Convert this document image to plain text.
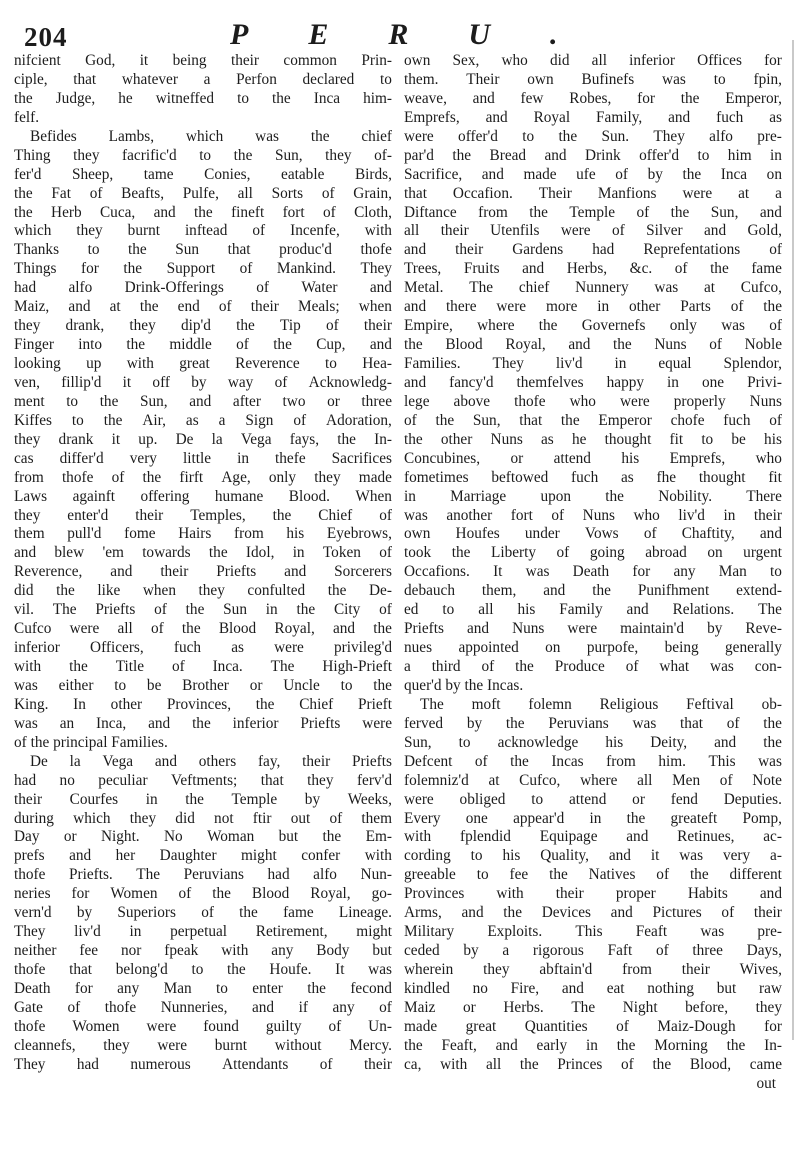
204	PERU.
nifcient God, it being their common Prin-
ciple, that whatever a Perfon declared to
the Judge, he witneffed to the Inca him-
felf.
Befides Lambs, which was the chief
Thing they facrific'd to the Sun, they of-
fer'd Sheep, tame Conies, eatable Birds,
the Fat of Beafts, Pulfe, all Sorts of Grain,
the Herb Cuca, and the fineft fort of Cloth,
which they burnt inftead of Incenfe, with
Thanks to the Sun that produc'd thofe
Things for the Support of Mankind. They
had alfo Drink-Offerings of Water and
Maiz, and at the end of their Meals; when
they drank, they dip'd the Tip of their
Finger into the middle of the Cup, and
looking up with great Reverence to Hea-
ven, fillip'd it off by way of Acknowledg-
ment to the Sun, and after two or three
Kiffes to the Air, as a Sign of Adoration,
they drank it up. De la Vega fays, the In-
cas differ'd very little in thefe Sacrifices
from thofe of the firft Age, only they made
Laws againft offering humane Blood. When
they enter'd their Temples, the Chief of
them pull'd fome Hairs from his Eyebrows,
and blew 'em towards the Idol, in Token of
Reverence, and their Priefts and Sorcerers
did the like when they confulted the De-
vil. The Priefts of the Sun in the City of
Cufco were all of the Blood Royal, and the
inferior Officers, fuch as were privileg'd
with the Title of Inca. The High-Prieft
was either to be Brother or Uncle to the
King. In other Provinces, the Chief Prieft
was an Inca, and the inferior Priefts were
of the principal Families.
De la Vega and others fay, their Priefts
had no peculiar Veftments; that they ferv'd
their Courfes in the Temple by Weeks,
during which they did not ftir out of them
Day or Night. No Woman but the Em-
prefs and her Daughter might confer with
thofe Priefts. The Peruvians had alfo Nun-
neries for Women of the Blood Royal, go-
vern'd by Superiors of the fame Lineage.
They liv'd in perpetual Retirement, might
neither fee nor fpeak with any Body but
thofe that belong'd to the Houfe. It was
Death for any Man to enter the fecond
Gate of thofe Nunneries, and if any of
thofe Women were found guilty of Un-
cleannefs, they were burnt without Mercy.
They had numerous Attendants of their
own Sex, who did all inferior Offices for
them. Their own Bufinefs was to fpin,
weave, and few Robes, for the Emperor,
Emprefs, and Royal Family, and fuch as
were offer'd to the Sun. They alfo pre-
par'd the Bread and Drink offer'd to him in
Sacrifice, and made ufe of by the Inca on
that Occafion. Their Manfions were at a
Diftance from the Temple of the Sun, and
all their Utenfils were of Silver and Gold,
and their Gardens had Reprefentations of
Trees, Fruits and Herbs, &c. of the fame
Metal. The chief Nunnery was at Cufco,
and there were more in other Parts of the
Empire, where the Governefs only was of
the Blood Royal, and the Nuns of Noble
Families. They liv'd in equal Splendor,
and fancy'd themfelves happy in one Privi-
lege above thofe who were properly Nuns
of the Sun, that the Emperor chofe fuch of
the other Nuns as he thought fit to be his
Concubines, or attend his Emprefs, who
fometimes beftowed fuch as fhe thought fit
in Marriage upon the Nobility. There
was another fort of Nuns who liv'd in their
own Houfes under Vows of Chaftity, and
took the Liberty of going abroad on urgent
Occafions. It was Death for any Man to
debauch them, and the Punifhment extend-
ed to all his Family and Relations. The
Priefts and Nuns were maintain'd by Reve-
nues appointed on purpofe, being generally
a third of the Produce of what was con-
quer'd by the Incas.
The moft folemn Religious Feftival ob-
ferved by the Peruvians was that of the
Sun, to acknowledge his Deity, and the
Defcent of the Incas from him. This was
folemniz'd at Cufco, where all Men of Note
were obliged to attend or fend Deputies.
Every one appear'd in the greateft Pomp,
with fplendid Equipage and Retinues, ac-
cording to his Quality, and it was very a-
greeable to fee the Natives of the different
Provinces with their proper Habits and
Arms, and the Devices and Pictures of their
Military Exploits. This Feaft was pre-
ceded by a rigorous Faft of three Days,
wherein they abftain'd from their Wives,
kindled no Fire, and eat nothing but raw
Maiz or Herbs. The Night before, they
made great Quantities of Maiz-Dough for
the Feaft, and early in the Morning the In-
ca, with all the Princes of the Blood, came
out
